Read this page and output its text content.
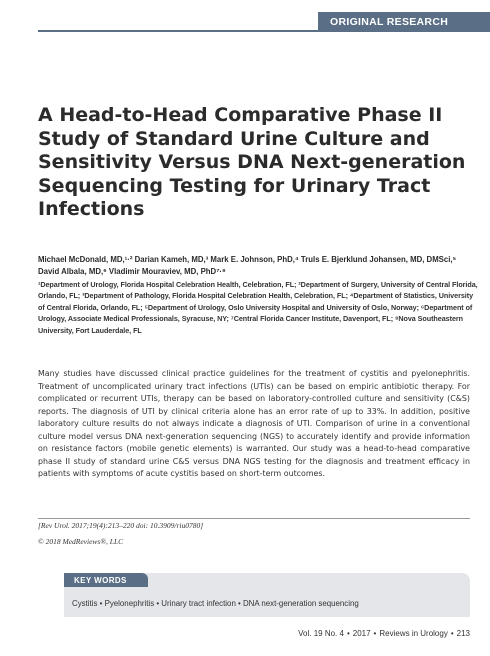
ORIGINAL RESEARCH
A Head-to-Head Comparative Phase II Study of Standard Urine Culture and Sensitivity Versus DNA Next-generation Sequencing Testing for Urinary Tract Infections

Michael McDonald, MD,¹·² Darian Kameh, MD,³ Mark E. Johnson, PhD,⁴ Truls E. Bjerklund Johansen, MD, DMSci,⁵ David Albala, MD,⁶ Vladimir Mouraviev, MD, PhD⁷·⁸

¹Department of Urology, Florida Hospital Celebration Health, Celebration, FL; ²Department of Surgery, University of Central Florida, Orlando, FL; ³Department of Pathology, Florida Hospital Celebration Health, Celebration, FL; ⁴Department of Statistics, University of Central Florida, Orlando, FL; ⁵Department of Urology, Oslo University Hospital and University of Oslo, Norway; ⁶Department of Urology, Associate Medical Professionals, Syracuse, NY; ⁷Central Florida Cancer Institute, Davenport, FL; ⁸Nova Southeastern University, Fort Lauderdale, FL

Many studies have discussed clinical practice guidelines for the treatment of cystitis and pyelonephritis. Treatment of uncomplicated urinary tract infections (UTIs) can be based on empiric antibiotic therapy. For complicated or recurrent UTIs, therapy can be based on laboratory-controlled culture and sensitivity (C&S) reports. The diagnosis of UTI by clinical criteria alone has an error rate of up to 33%. In addition, positive laboratory culture results do not always indicate a diagnosis of UTI. Comparison of urine in a conventional culture model versus DNA next-generation sequencing (NGS) to accurately identify and provide information on resistance factors (mobile genetic elements) is warranted. Our study was a head-to-head comparative phase II study of standard urine C&S versus DNA NGS testing for the diagnosis and treatment efficacy in patients with symptoms of acute cystitis based on short-term outcomes.

[Rev Urol. 2017;19(4):213–220 doi: 10.3909/riu0780]

© 2018 MedReviews®, LLC

KEY WORDS

Cystitis • Pyelonephritis • Urinary tract infection • DNA next-generation sequencing

Vol. 19 No. 4 • 2017 • Reviews in Urology • 213
